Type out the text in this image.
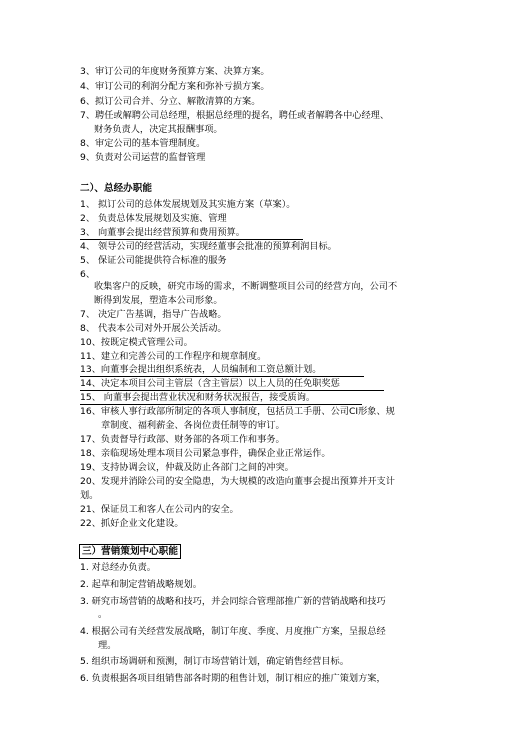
3、审订公司的年度财务预算方案、决算方案。
4、审订公司的利润分配方案和弥补亏损方案。
6、拟订公司合并、分立、解散清算的方案。
7、聘任或解聘公司总经理，根据总经理的提名，聘任或者解聘各中心经理、
财务负责人，决定其报酬事项。
8、审定公司的基本管理制度。
9、负责对公司运营的监督管理
二）、总经办职能
1、 拟订公司的总体发展规划及其实施方案（草案）。
2、 负责总体发展规划及实施、管理
3、 向董事会提出经营预算和费用预算。
4、 领导公司的经营活动，实现经董事会批准的预算利润目标。
5、 保证公司能提供符合标准的服务
6、
收集客户的反映，研究市场的需求，不断调整项目公司的经营方向，公司不
断得到发展，塑造本公司形象。
7、 决定广告基调，指导广告战略。
8、 代表本公司对外开展公关活动。
10、按既定模式管理公司。
11、建立和完善公司的工作程序和规章制度。
13、向董事会提出组织系统表，人员编制和工资总额计划。
14、决定本项目公司主管层（含主管层）以上人员的任免职奖惩
15、 向董事会提出营业状况和财务状况报告，接受质询。
16、审核人事行政部所制定的各项人事制度，包括员工手册、公司CI形象、规
章制度、福利薪金、各岗位责任制等的审订。
17、负责督导行政部、财务部的各项工作和事务。
18、亲临现场处理本项目公司紧急事件，确保企业正常运作。
19、支持协调会议，仲裁及防止各部门之间的冲突。
20、发现并消除公司的安全隐患，为大规模的改造向董事会提出预算并开支计
划。
21、保证员工和客人在公司内的安全。
22、抓好企业文化建设。
三）营销策划中心职能
1. 对总经办负责。
2. 起草和制定营销战略规划。
3. 研究市场营销的战略和技巧，并会同综合管理部推广新的营销战略和技巧
。
4. 根据公司有关经营发展战略，制订年度、季度、月度推广方案，呈报总经
理。
5. 组织市场调研和预测，制订市场营销计划，确定销售经营目标。
6. 负责根据各项目组销售部各时期的租售计划，制订相应的推广策划方案，
